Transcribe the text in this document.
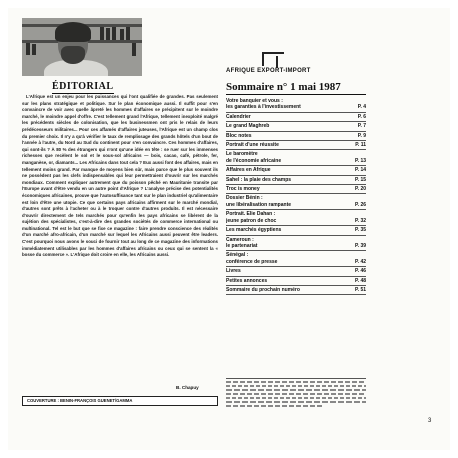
AFRIQUE EXPORT-IMPORT
ÉDITORIAL

L'Afrique est un enjeu pour les puissances qui l'ont qualifiée de grandes. Pas seulement sur les plans stratégique et politique. Sur le plan économique aussi. Il suffit pour s'en convaincre de voir avec quelle âpreté les hommes d'affaires se précipitent sur le moindre marché, le moindre appel d'offre. C'est tellement grand l'Afrique, tellement inexploité malgré les précédents siècles de colonisation, que les businessmen ont pris le relais de leurs prédécesseurs militaires... Pour ces affamés d'affaires juteuses, l'Afrique est un champ clos du premier choix. Il n'y a qu'à vérifier le taux de remplissage des grands hôtels d'un bout de l'année à l'autre, du Nord au Sud du continent pour s'en convaincre. Ces hommes d'affaires, qui sont-ils ? À 80 % des étrangers qui n'ont qu'une idée en tête : se ruer sur les immenses richesses que recèlent le sol et le sous-sol africains — bois, cacao, café, pétrole, fer, manganèse, or, diamants... Les Africains dans tout cela ? Eux aussi font des affaires, mais en tellement moins grand. Par manque de moyens bien sûr, mais parce que le plus souvent ils ne possèdent pas les clefs indispensables qui leur permettraient d'ouvrir sur les marchés mondiaux. Comment expliquer autrement que du poisson pêché en Mauritanie transite par l'Europe avant d'être vendu en un autre point d'Afrique ? L'analyse précise des potentialités économiques africaines, prouve que l'autosuffisance tant sur le plan industriel qu'alimentaire est loin d'être une utopie. Ce que certains pays africains affirment sur le marché mondial, d'autres sont prêts à l'acheter ou à le troquer contre d'autres produits. Il est nécessaire d'ouvrir directement de tels marchés pour qu'enfin les pays africains se libèrent de la sujétion des spécialistes, c'est-à-dire des grandes sociétés de commerce international ou multinational. Tel est le but que se fixe ce magazine : faire prendre conscience des réalités d'un marché afro-africain, d'un marché sur lequel les Africains aussi peuvent être leaders. C'est pourquoi nous avons le souci de fournir tout au long de ce magazine des informations immédiatement utilisables par les hommes d'affaires africains ou ceux qui se sentent la « bosse du commerce ». L'Afrique doit croire en elle, les Africains aussi.

B. Chapuy
COUVERTURE : BENIN-FRANÇOIS GUENET/GAMMA
Sommaire n° 1 mai 1987
Votre banquier et vous :
les garanties à l'investissement	P. 4
Calendrier	P. 6
Le grand Maghreb	P. 7
Bloc notes	P. 9
Portrait d'une réussite	P. 11
Le baromètre
de l'économie africaine	P. 13
Affaires en Afrique	P. 14
Sahel : la plaie des champs	P. 15
Troc is money	P. 20
Dossier Bénin :
une libéralisation rampante	P. 26
Portrait. Elie Dahan :
jeune patron de choc	P. 32
Les marchés égyptiens	P. 35
Cameroun :
le partenariat	P. 39
Sénégal :
conférence de presse	P. 42
Livres	P. 46
Petites annonces	P. 48
Sommaire du prochain numéro	P. 51
3
